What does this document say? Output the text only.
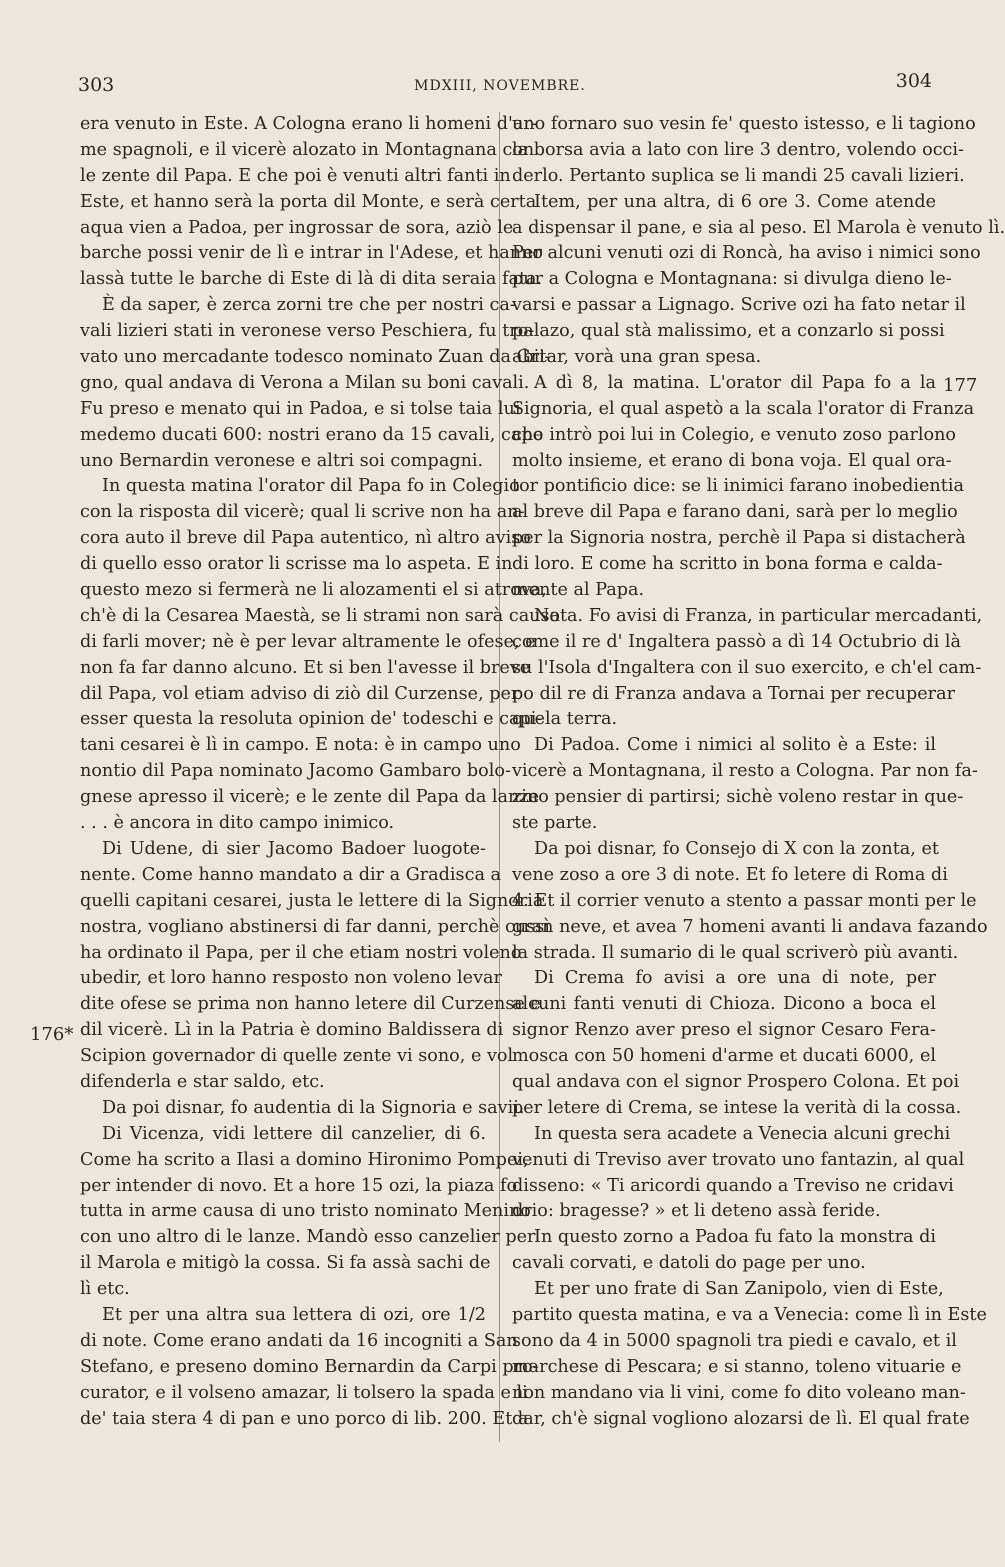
303	MDXIII, NOVEMBRE.	304
176*
177
era venuto in Este. A Cologna erano li homeni d'ar-
me spagnoli, e il vicerè alozato in Montagnana con
le zente dil Papa. E che poi è venuti altri fanti in
Este, et hanno serà la porta dil Monte, e serà certa
aqua vien a Padoa, per ingrossar de sora, aziò le
barche possi venir de lì e intrar in l'Adese, et hanno
lassà tutte le barche di Este di là di dita seraia fata.
È da saper, è zerca zorni tre che per nostri ca-
vali lizieri stati in veronese verso Peschiera, fu tro-
vato uno mercadante todesco nominato Zuan da Gri-
gno, qual andava di Verona a Milan su boni cavali.
Fu preso e menato qui in Padoa, e si tolse taia lui
medemo ducati 600: nostri erano da 15 cavali, capo
uno Bernardin veronese e altri soi compagni.
In questa matina l'orator dil Papa fo in Colegio
con la risposta dil vicerè; qual li scrive non ha an-
cora auto il breve dil Papa autentico, nì altro aviso
di quello esso orator li scrisse ma lo aspeta. E in
questo mezo si fermerà ne li alozamenti el si atrova,
ch'è di la Cesarea Maestà, se li strami non sarà causa
di farli mover; nè è per levar altramente le ofese, e
non fa far danno alcuno. Et si ben l'avesse il breve
dil Papa, vol etiam adviso di ziò dil Curzense, per
esser questa la resoluta opinion de' todeschi e capi-
tani cesarei è lì in campo. E nota: è in campo uno
nontio dil Papa nominato Jacomo Gambaro bolo-
gnese apresso il vicerè; e le zente dil Papa da lanze
. . . è ancora in dito campo inimico.
Di Udene, di sier Jacomo Badoer luogote-
nente. Come hanno mandato a dir a Gradisca a
quelli capitani cesarei, justa le lettere di la Signoria
nostra, vogliano abstinersi di far danni, perchè cussì
ha ordinato il Papa, per il che etiam nostri voleno
ubedir, et loro hanno resposto non voleno levar
dite ofese se prima non hanno letere dil Curzense e
dil vicerè. Lì in la Patria è domino Baldissera di
Scipion governador di quelle zente vi sono, e vol
difenderla e star saldo, etc.
Da poi disnar, fo audentia di la Signoria e savii.
Di Vicenza, vidi lettere dil canzelier, di 6.
Come ha scrito a Ilasi a domino Hironimo Pompei,
per intender di novo. Et a hore 15 ozi, la piaza fo
tutta in arme causa di uno tristo nominato Menino
con uno altro di le lanze. Mandò esso canzelier per
il Marola e mitigò la cossa. Si fa assà sachi de
lì etc.
Et per una altra sua lettera di ozi, ore 1/2
di note. Come erano andati da 16 incogniti a San
Stefano, e preseno domino Bernardin da Carpi pro-
curator, e il volseno amazar, li tolsero la spada e li
de' taia stera 4 di pan e uno porco di lib. 200. Et a
uno fornaro suo vesin fe' questo istesso, e li tagiono
la borsa avia a lato con lire 3 dentro, volendo occi-
derlo. Pertanto suplica se li mandi 25 cavali lizieri.
Item, per una altra, di 6 ore 3. Come atende
a dispensar il pane, e sia al peso. El Marola è venuto lì.
Per alcuni venuti ozi di Roncà, ha aviso i nimici sono
pur a Cologna e Montagnana: si divulga dieno le-
varsi e passar a Lignago. Scrive ozi ha fato netar il
palazo, qual stà malissimo, et a conzarlo si possi
abitar, vorà una gran spesa.
A dì 8, la matina. L'orator dil Papa fo a la
Signoria, el qual aspetò a la scala l'orator di Franza
che intrò poi lui in Colegio, e venuto zoso parlono
molto insieme, et erano di bona voja. El qual ora-
tor pontificio dice: se li inimici farano inobedientia
al breve dil Papa e farano dani, sarà per lo meglio
per la Signoria nostra, perchè il Papa si distacherà
di loro. E come ha scritto in bona forma e calda-
mente al Papa.
Nota. Fo avisi di Franza, in particular mercadanti,
come il re d' Ingaltera passò a dì 14 Octubrio di là
su l'Isola d'Ingaltera con il suo exercito, e ch'el cam-
po dil re di Franza andava a Tornai per recuperar
quela terra.
Di Padoa. Come i nimici al solito è a Este: il
vicerè a Montagnana, il resto a Cologna. Par non fa-
zino pensier di partirsi; sichè voleno restar in que-
ste parte.
Da poi disnar, fo Consejo di X con la zonta, et
vene zoso a ore 3 di note. Et fo letere di Roma di
4. Et il corrier venuto a stento a passar monti per le
gran neve, et avea 7 homeni avanti li andava fazando
la strada. Il sumario di le qual scriverò più avanti.
Di Crema fo avisi a ore una di note, per
alcuni fanti venuti di Chioza. Dicono a boca el
signor Renzo aver preso el signor Cesaro Fera-
mosca con 50 homeni d'arme et ducati 6000, el
qual andava con el signor Prospero Colona. Et poi
per letere di Crema, se intese la verità di la cossa.
In questa sera acadete a Venecia alcuni grechi
venuti di Treviso aver trovato uno fantazin, al qual
disseno: « Ti aricordi quando a Treviso ne cridavi
drio: bragesse? » et li deteno assà feride.
In questo zorno a Padoa fu fato la monstra di
cavali corvati, e datoli do page per uno.
Et per uno frate di San Zanipolo, vien di Este,
partito questa matina, e va a Venecia: come lì in Este
sono da 4 in 5000 spagnoli tra piedi e cavalo, et il
marchese di Pescara; e si stanno, toleno vituarie e
non mandano via li vini, come fo dito voleano man-
dar, ch'è signal vogliono alozarsi de lì. El qual frate
